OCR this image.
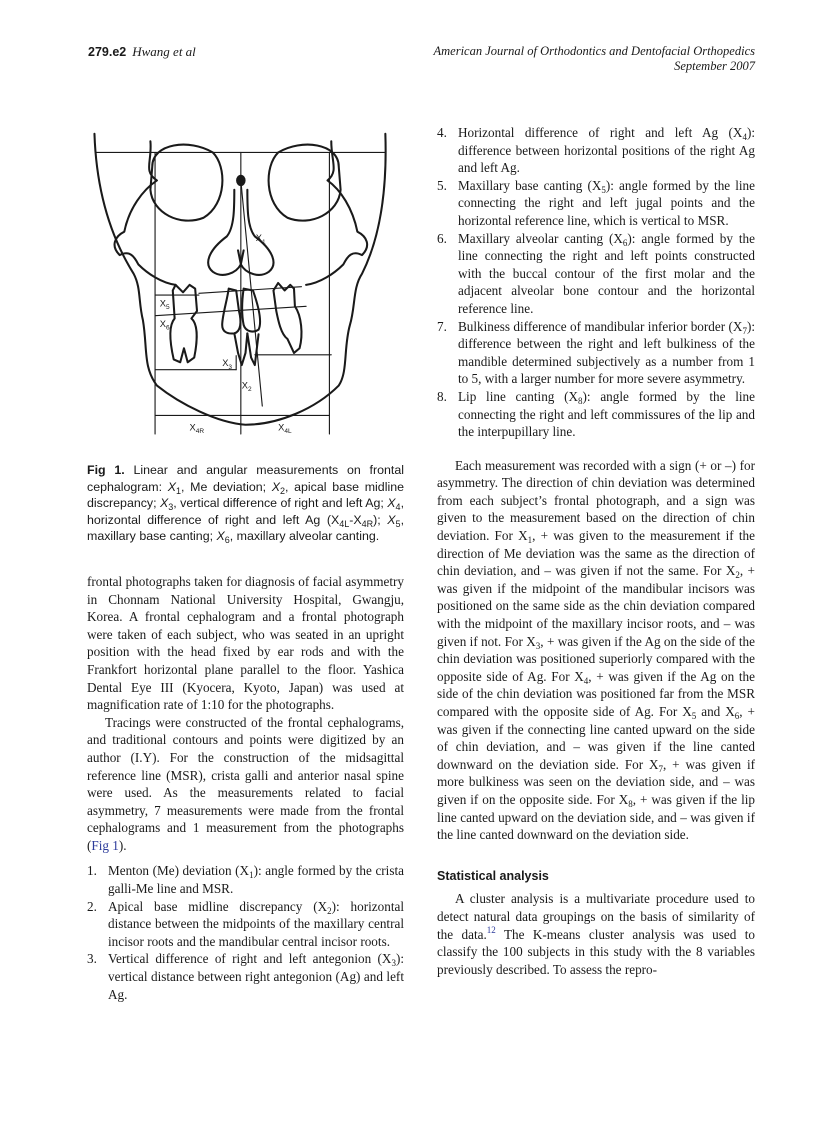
279.e2 Hwang et al	American Journal of Orthodontics and Dentofacial Orthopedics
September 2007
$X_1$
$X_2$
$X_3$
$X_{4R}$	$X_{4L}$
$X_5$
$X_6$
Fig 1. Linear and angular measurements on frontal cephalogram: $X_1$, Me deviation; $X_2$, apical base midline discrepancy; $X_3$, vertical difference of right and left Ag; $X_4$, horizontal difference of right and left Ag $(X_{4L}-X_{4R})$; $X_5$, maxillary base canting; $X_6$, maxillary alveolar canting.

frontal photographs taken for diagnosis of facial asymmetry in Chonnam National University Hospital, Gwangju, Korea. A frontal cephalogram and a frontal photograph were taken of each subject, who was seated in an upright position with the head fixed by ear rods and with the Frankfort horizontal plane parallel to the floor. Yashica Dental Eye III (Kyocera, Kyoto, Japan) was used at magnification rate of 1:10 for the photographs.

Tracings were constructed of the frontal cephalograms, and traditional contours and points were digitized by an author (I.Y). For the construction of the midsagittal reference line (MSR), crista galli and anterior nasal spine were used. As the measurements related to facial asymmetry, 7 measurements were made from the frontal cephalograms and 1 measurement from the photographs (Fig 1).

1. Menton (Me) deviation $(X_1)$: angle formed by the crista galli-Me line and MSR.
2. Apical base midline discrepancy $(X_2)$: horizontal distance between the midpoints of the maxillary central incisor roots and the mandibular central incisor roots.
3. Vertical difference of right and left antegonion $(X_3)$: vertical distance between right antegonion (Ag) and left Ag.
4. Horizontal difference of right and left Ag $(X_4)$: difference between horizontal positions of the right Ag and left Ag.
5. Maxillary base canting $(X_5)$: angle formed by the line connecting the right and left jugal points and the horizontal reference line, which is vertical to MSR.
6. Maxillary alveolar canting $(X_6)$: angle formed by the line connecting the right and left points constructed with the buccal contour of the first molar and the adjacent alveolar bone contour and the horizontal reference line.
7. Bulkiness difference of mandibular inferior border $(X_7)$: difference between the right and left bulkiness of the mandible determined subjectively as a number from 1 to 5, with a larger number for more severe asymmetry.
8. Lip line canting $(X_8)$: angle formed by the line connecting the right and left commissures of the lip and the interpupillary line.

Each measurement was recorded with a sign (+ or –) for asymmetry. The direction of chin deviation was determined from each subject’s frontal photograph, and a sign was given to the measurement based on the direction of chin deviation. For $X_1$, + was given to the measurement if the direction of Me deviation was the same as the direction of chin deviation, and – was given if not the same. For $X_2$, + was given if the midpoint of the mandibular incisors was positioned on the same side as the chin deviation compared with the midpoint of the maxillary incisor roots, and – was given if not. For $X_3$, + was given if the Ag on the side of the chin deviation was positioned superiorly compared with the opposite side of Ag. For $X_4$, + was given if the Ag on the side of the chin deviation was positioned far from the MSR compared with the opposite side of Ag. For $X_5$ and $X_6$, + was given if the connecting line canted upward on the side of chin deviation, and – was given if the line canted downward on the deviation side. For $X_7$, + was given if more bulkiness was seen on the deviation side, and – was given if on the opposite side. For $X_8$, + was given if the lip line canted upward on the deviation side, and – was given if the line canted downward on the deviation side.

Statistical analysis

A cluster analysis is a multivariate procedure used to detect natural data groupings on the basis of similarity of the data.$^{12}$ The K-means cluster analysis was used to classify the 100 subjects in this study with the 8 variables previously described. To assess the repro-
